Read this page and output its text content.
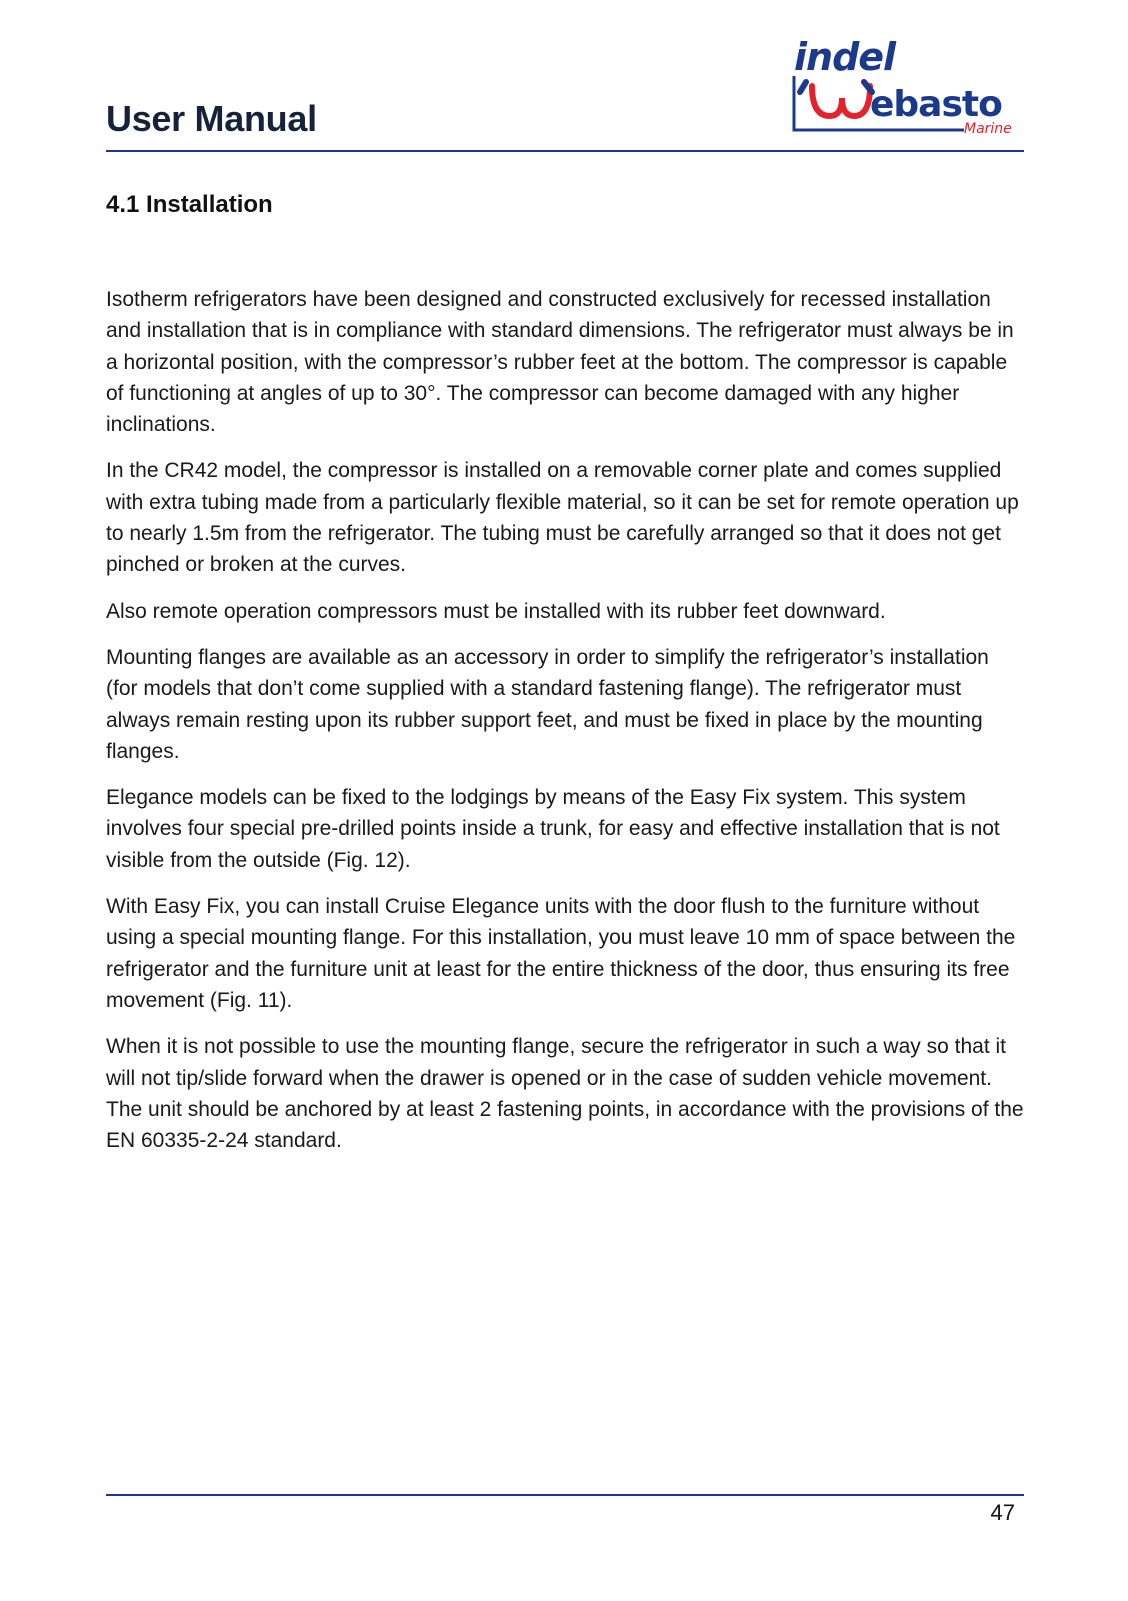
User Manual
indel
ebasto
Marine
4.1 Installation

Isotherm refrigerators have been designed and constructed exclusively for recessed installation and installation that is in compliance with standard dimensions. The refrigerator must always be in a horizontal position, with the compressor’s rubber feet at the bottom. The compressor is capable of functioning at angles of up to 30°. The compressor can become damaged with any higher inclinations.

In the CR42 model, the compressor is installed on a removable corner plate and comes supplied with extra tubing made from a particularly flexible material, so it can be set for remote operation up to nearly 1.5m from the refrigerator. The tubing must be carefully arranged so that it does not get pinched or broken at the curves.

Also remote operation compressors must be installed with its rubber feet downward.

Mounting flanges are available as an accessory in order to simplify the refrigerator’s installation (for models that don’t come supplied with a standard fastening flange). The refrigerator must always remain resting upon its rubber support feet, and must be fixed in place by the mounting flanges.

Elegance models can be fixed to the lodgings by means of the Easy Fix system. This system involves four special pre-drilled points inside a trunk, for easy and effective installation that is not visible from the outside (Fig. 12).

With Easy Fix, you can install Cruise Elegance units with the door flush to the furniture without using a special mounting flange. For this installation, you must leave 10 mm of space between the refrigerator and the furniture unit at least for the entire thickness of the door, thus ensuring its free movement (Fig. 11).

When it is not possible to use the mounting flange, secure the refrigerator in such a way so that it will not tip/slide forward when the drawer is opened or in the case of sudden vehicle movement. The unit should be anchored by at least 2 fastening points, in accordance with the provisions of the EN 60335-2-24 standard.

47
